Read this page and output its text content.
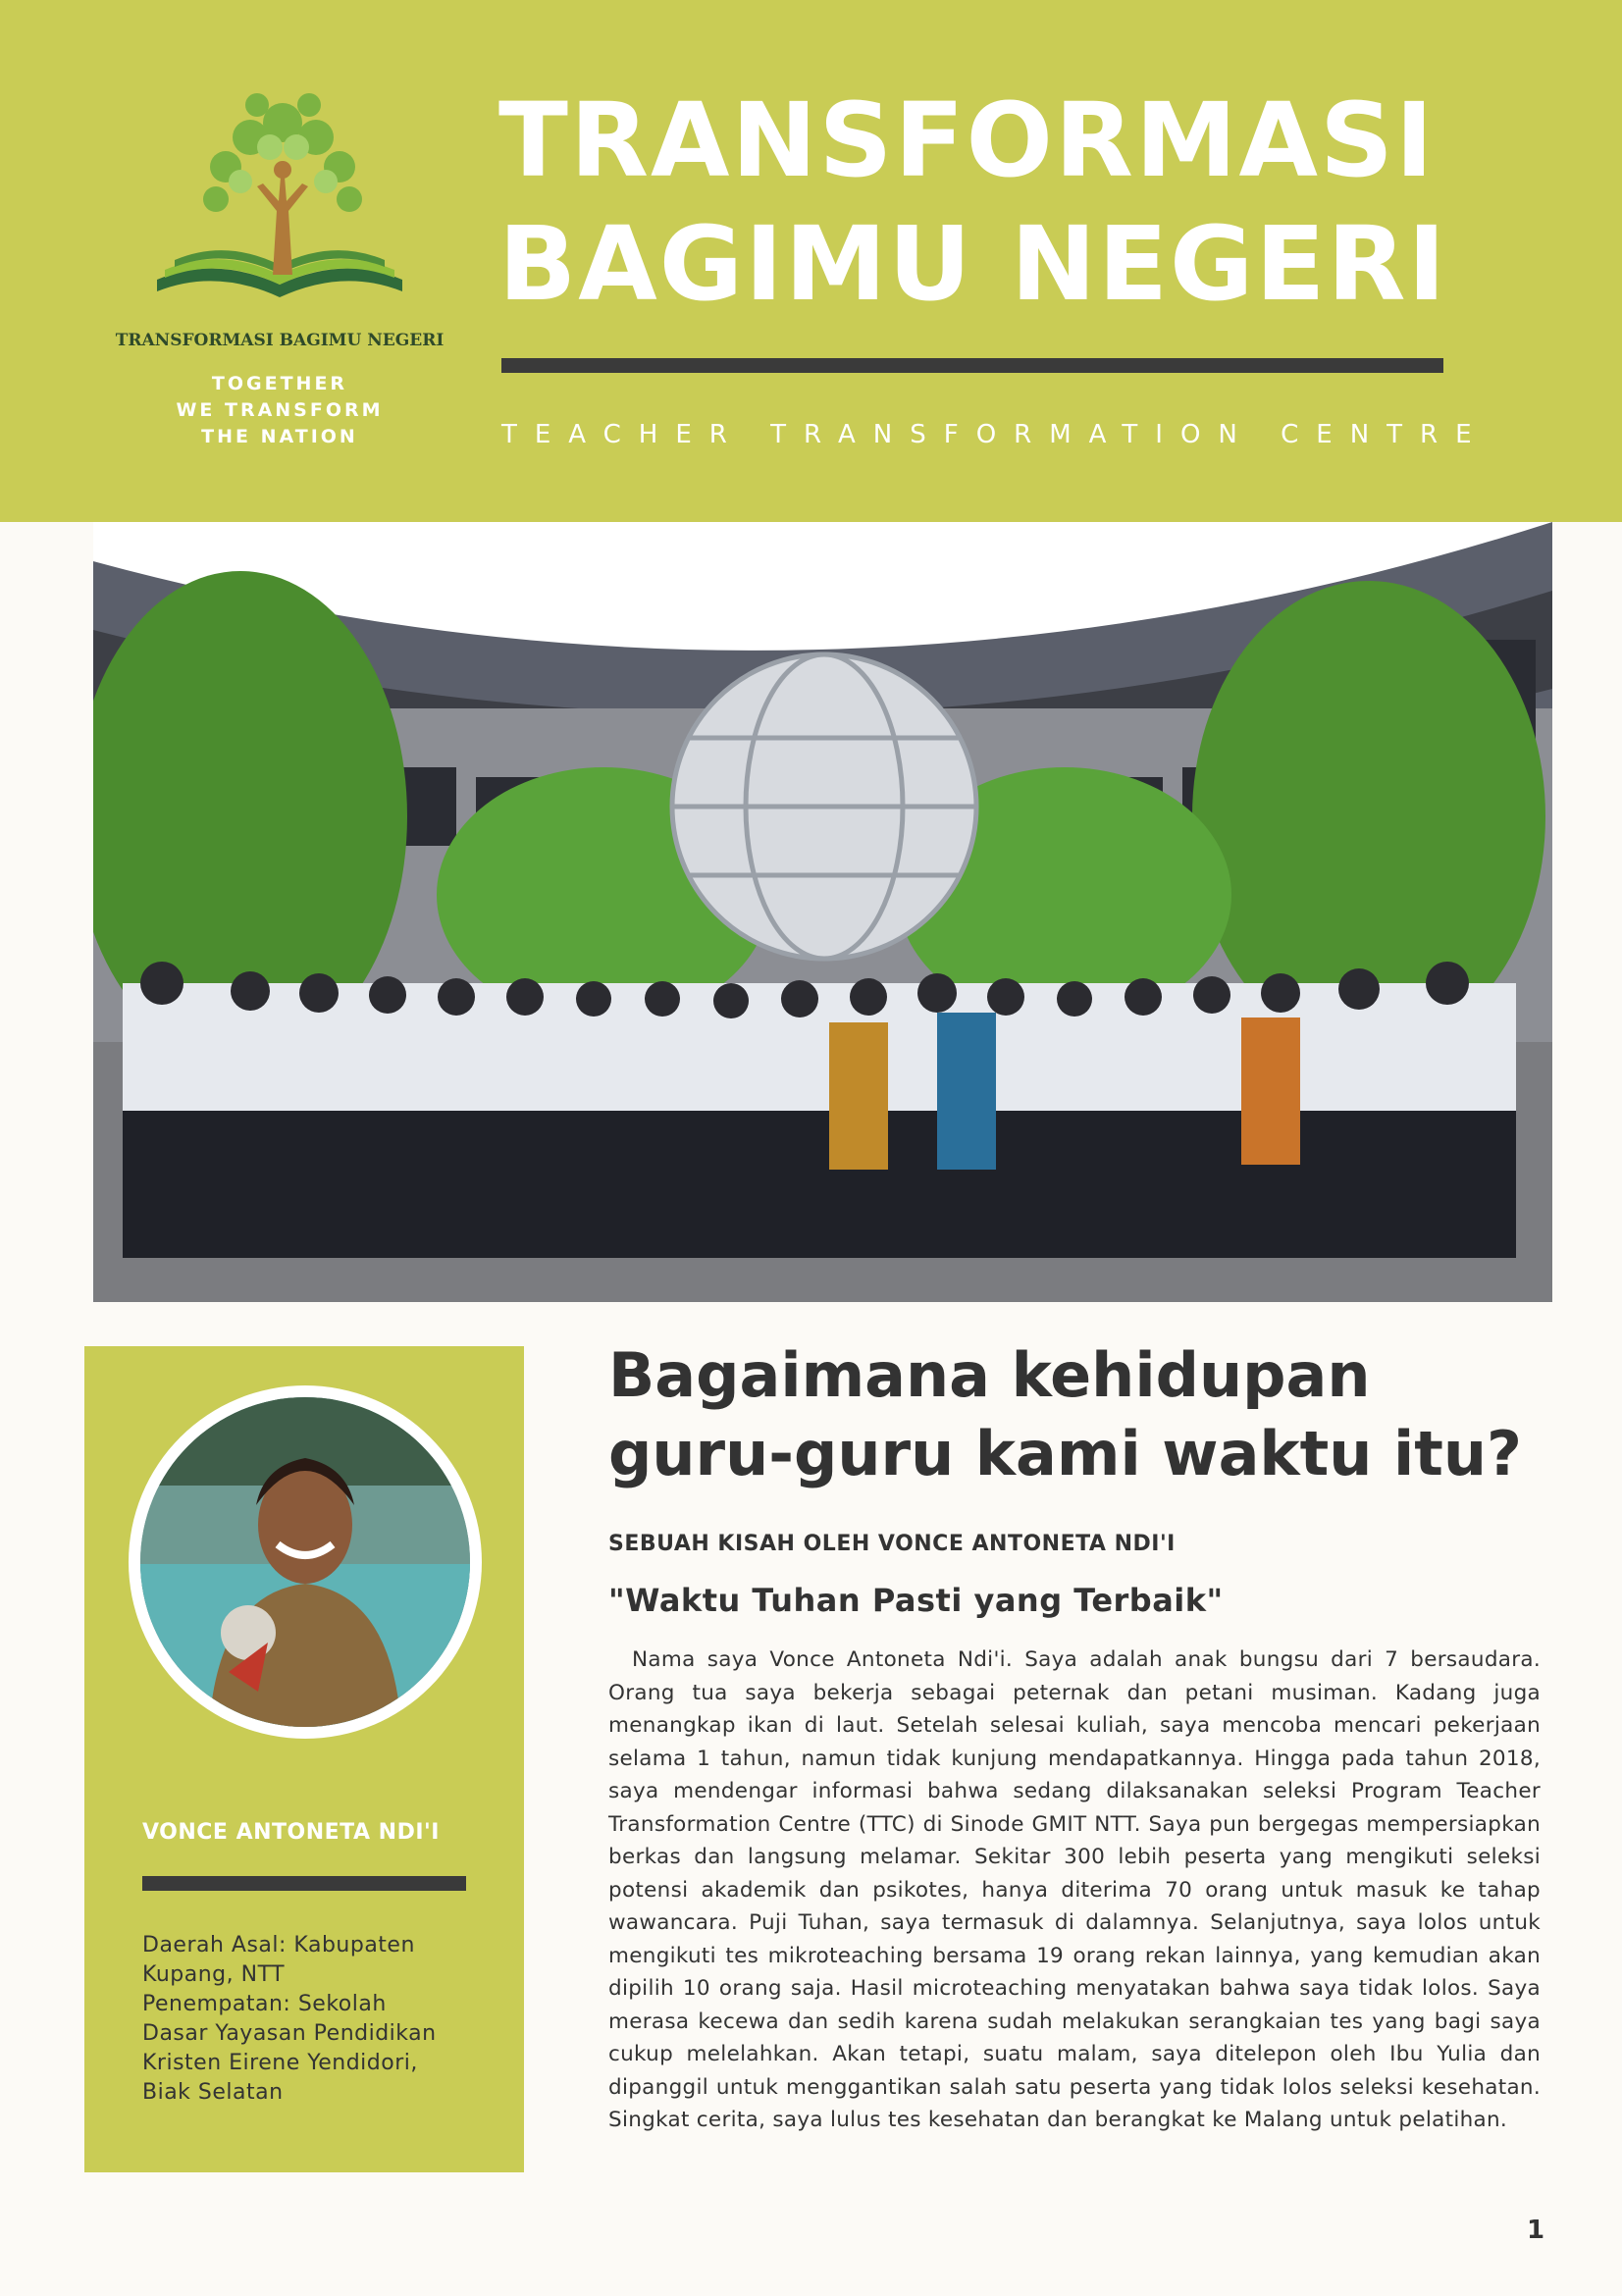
TRANSFORMASI BAGIMU NEGERI
TOGETHER
WE TRANSFORM
THE NATION
TRANSFORMASI
BAGIMU NEGERI
TEACHER TRANSFORMATION CENTRE
VONCE ANTONETA NDI'I
Daerah Asal: Kabupaten
Kupang, NTT
Penempatan: Sekolah
Dasar Yayasan Pendidikan
Kristen Eirene Yendidori,
Biak Selatan
Bagaimana kehidupan
guru-guru kami waktu itu?
SEBUAH KISAH OLEH VONCE ANTONETA NDI'I
"Waktu Tuhan Pasti yang Terbaik"
Nama saya Vonce Antoneta Ndi'i. Saya adalah anak bungsu dari 7 bersaudara. Orang tua saya bekerja sebagai peternak dan petani musiman. Kadang juga menangkap ikan di laut. Setelah selesai kuliah, saya mencoba mencari pekerjaan selama 1 tahun, namun tidak kunjung mendapatkannya. Hingga pada tahun 2018, saya mendengar informasi bahwa sedang dilaksanakan seleksi Program Teacher Transformation Centre (TTC) di Sinode GMIT NTT. Saya pun bergegas mempersiapkan berkas dan langsung melamar. Sekitar 300 lebih peserta yang mengikuti seleksi potensi akademik dan psikotes, hanya diterima 70 orang untuk masuk ke tahap wawancara. Puji Tuhan, saya termasuk di dalamnya. Selanjutnya, saya lolos untuk mengikuti tes mikroteaching bersama 19 orang rekan lainnya, yang kemudian akan dipilih 10 orang saja. Hasil microteaching menyatakan bahwa saya tidak lolos. Saya merasa kecewa dan sedih karena sudah melakukan serangkaian tes yang bagi saya cukup melelahkan. Akan tetapi, suatu malam, saya ditelepon oleh Ibu Yulia dan dipanggil untuk menggantikan salah satu peserta yang tidak lolos seleksi kesehatan. Singkat cerita, saya lulus tes kesehatan dan berangkat ke Malang untuk pelatihan.
1
